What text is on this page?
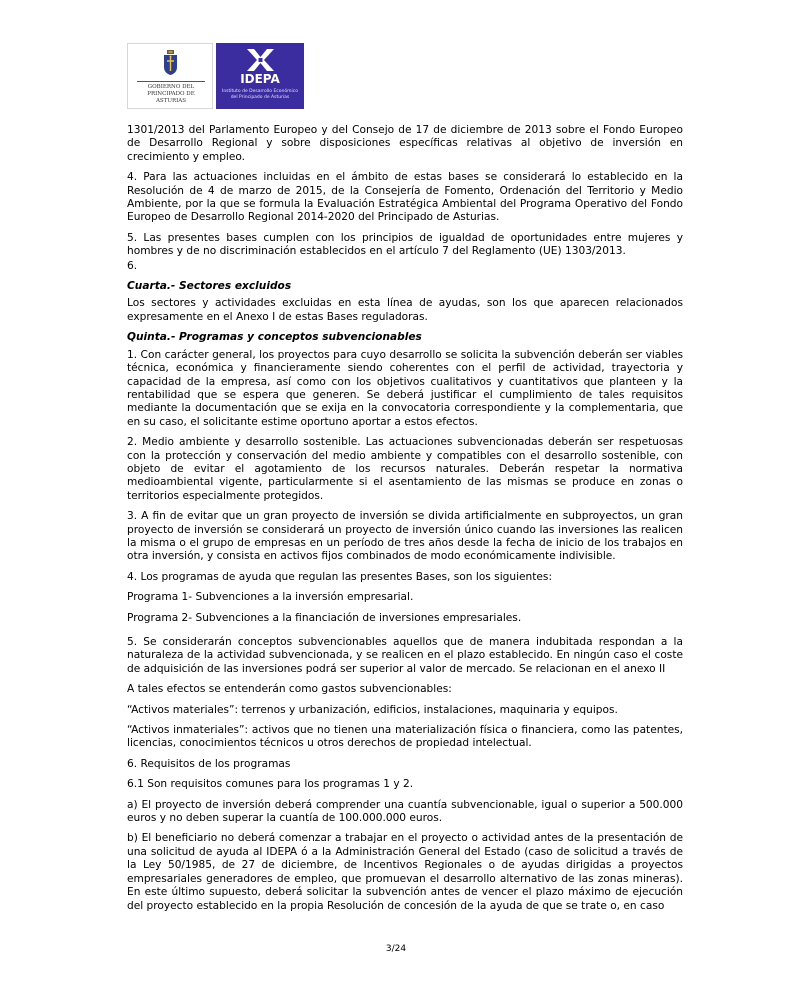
GOBIERNO DEL
PRINCIPADO DE ASTURIAS
IDEPA
Instituto de Desarrollo Económico
del Principado de Asturias

1301/2013 del Parlamento Europeo y del Consejo de 17 de diciembre de 2013 sobre el Fondo Europeo de Desarrollo Regional y sobre disposiciones específicas relativas al objetivo de inversión en crecimiento y empleo.

4. Para las actuaciones incluidas en el ámbito de estas bases se considerará lo establecido en la Resolución de 4 de marzo de 2015, de la Consejería de Fomento, Ordenación del Territorio y Medio Ambiente, por la que se formula la Evaluación Estratégica Ambiental del Programa Operativo del Fondo Europeo de Desarrollo Regional 2014-2020 del Principado de Asturias.

5. Las presentes bases cumplen con los principios de igualdad de oportunidades entre mujeres y hombres y de no discriminación establecidos en el artículo 7 del Reglamento (UE) 1303/2013.

6.

Cuarta.- Sectores excluidos

Los sectores y actividades excluidas en esta línea de ayudas, son los que aparecen relacionados expresamente en el Anexo I de estas Bases reguladoras.

Quinta.- Programas y conceptos subvencionables

1. Con carácter general, los proyectos para cuyo desarrollo se solicita la subvención deberán ser viables técnica, económica y financieramente siendo coherentes con el perfil de actividad, trayectoria y capacidad de la empresa, así como con los objetivos cualitativos y cuantitativos que planteen y la rentabilidad que se espera que generen. Se deberá justificar el cumplimiento de tales requisitos mediante la documentación que se exija en la convocatoria correspondiente y la complementaria, que en su caso, el solicitante estime oportuno aportar a estos efectos.

2. Medio ambiente y desarrollo sostenible. Las actuaciones subvencionadas deberán ser respetuosas con la protección y conservación del medio ambiente y compatibles con el desarrollo sostenible, con objeto de evitar el agotamiento de los recursos naturales. Deberán respetar la normativa medioambiental vigente, particularmente si el asentamiento de las mismas se produce en zonas o territorios especialmente protegidos.

3. A fin de evitar que un gran proyecto de inversión se divida artificialmente en subproyectos, un gran proyecto de inversión se considerará un proyecto de inversión único cuando las inversiones las realicen la misma o el grupo de empresas en un período de tres años desde la fecha de inicio de los trabajos en otra inversión, y consista en activos fijos combinados de modo económicamente indivisible.

4. Los programas de ayuda que regulan las presentes Bases, son los siguientes:

Programa 1- Subvenciones a la inversión empresarial.

Programa 2- Subvenciones a la financiación de inversiones empresariales.

5. Se considerarán conceptos subvencionables aquellos que de manera indubitada respondan a la naturaleza de la actividad subvencionada, y se realicen en el plazo establecido. En ningún caso el coste de adquisición de las inversiones podrá ser superior al valor de mercado. Se relacionan en el anexo II

A tales efectos se entenderán como gastos subvencionables:

“Activos materiales”: terrenos y urbanización, edificios, instalaciones, maquinaria y equipos.

“Activos inmateriales”: activos que no tienen una materialización física o financiera, como las patentes, licencias, conocimientos técnicos u otros derechos de propiedad intelectual.

6. Requisitos de los programas

6.1 Son requisitos comunes para los programas 1 y 2.

a) El proyecto de inversión deberá comprender una cuantía subvencionable, igual o superior a 500.000 euros y no deben superar la cuantía de 100.000.000 euros.

b) El beneficiario no deberá comenzar a trabajar en el proyecto o actividad antes de la presentación de una solicitud de ayuda al IDEPA ó a la Administración General del Estado (caso de solicitud a través de la Ley 50/1985, de 27 de diciembre, de Incentivos Regionales o de ayudas dirigidas a proyectos empresariales generadores de empleo, que promuevan el desarrollo alternativo de las zonas mineras). En este último supuesto, deberá solicitar la subvención antes de vencer el plazo máximo de ejecución del proyecto establecido en la propia Resolución de concesión de la ayuda de que se trate o, en caso

3/24
